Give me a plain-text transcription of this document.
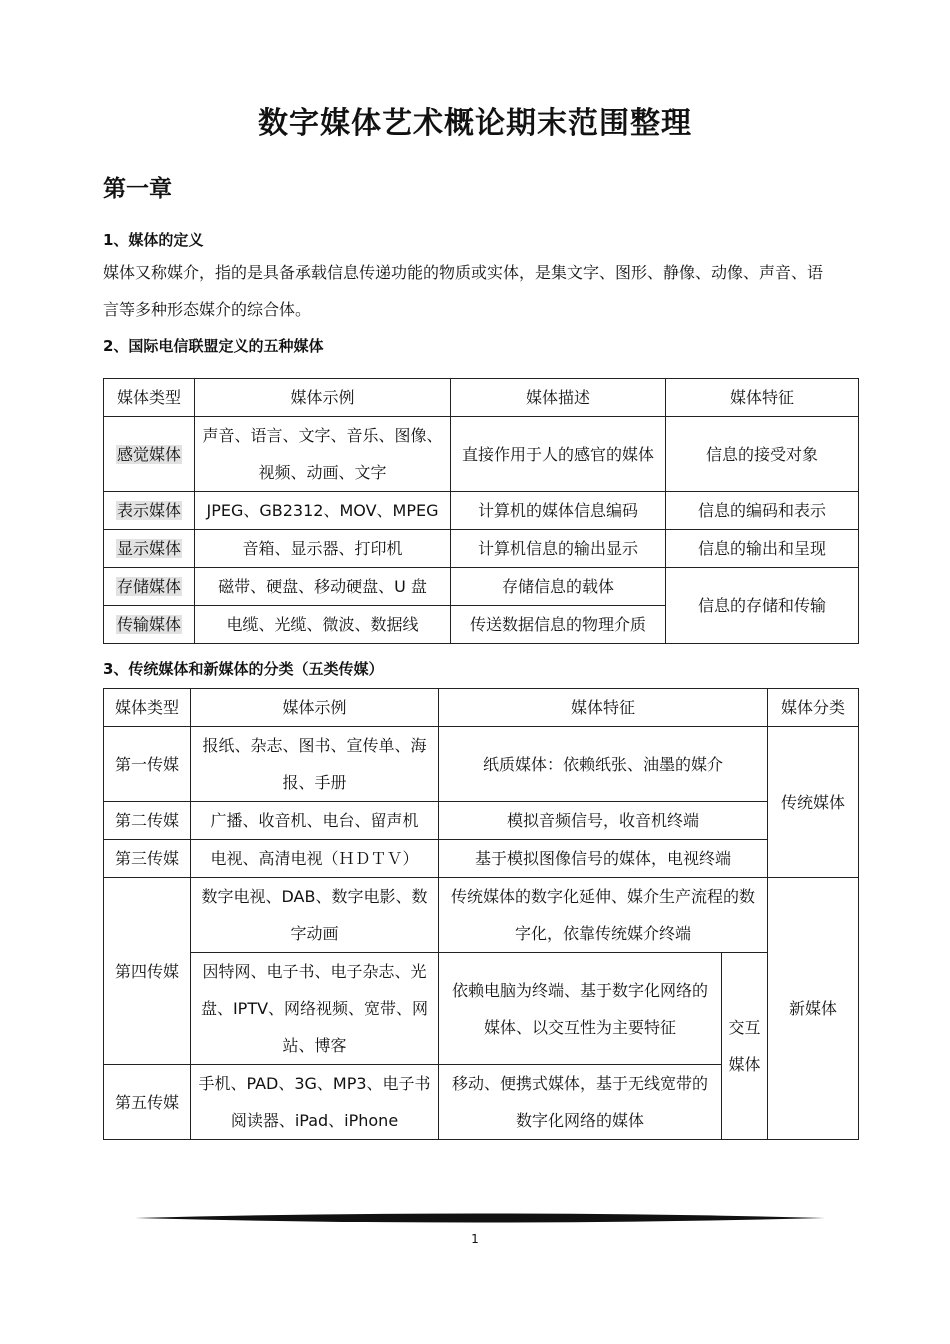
数字媒体艺术概论期末范围整理
第一章
1、媒体的定义
媒体又称媒介，指的是具备承载信息传递功能的物质或实体，是集文字、图形、静像、动像、声音、语
言等多种形态媒介的综合体。
2、国际电信联盟定义的五种媒体
媒体类型	媒体示例	媒体描述	媒体特征
感觉媒体	声音、语言、文字、音乐、图像、视频、动画、文字	直接作用于人的感官的媒体	信息的接受对象
表示媒体	JPEG、GB2312、MOV、MPEG	计算机的媒体信息编码	信息的编码和表示
显示媒体	音箱、显示器、打印机	计算机信息的输出显示	信息的输出和呈现
存储媒体	磁带、硬盘、移动硬盘、U 盘	存储信息的载体	信息的存储和传输
传输媒体	电缆、光缆、微波、数据线	传送数据信息的物理介质	
3、传统媒体和新媒体的分类（五类传媒）
媒体类型	媒体示例	媒体特征		媒体分类
第一传媒	报纸、杂志、图书、宣传单、海报、手册	纸质媒体：依赖纸张、油墨的媒介		传统媒体
第二传媒	广播、收音机、电台、留声机	模拟音频信号，收音机终端		
第三传媒	电视、高清电视（ＨＤＴＶ）	基于模拟图像信号的媒体，电视终端		
第四传媒	数字电视、DAB、数字电影、数字动画	传统媒体的数字化延伸、媒介生产流程的数字化，依靠传统媒介终端		新媒体
	因特网、电子书、电子杂志、光盘、IPTV、网络视频、宽带、网站、博客	依赖电脑为终端、基于数字化网络的媒体、以交互性为主要特征	交互媒体	
第五传媒	手机、PAD、3G、MP3、电子书阅读器、iPad、iPhone	移动、便携式媒体，基于无线宽带的数字化网络的媒体		
1
